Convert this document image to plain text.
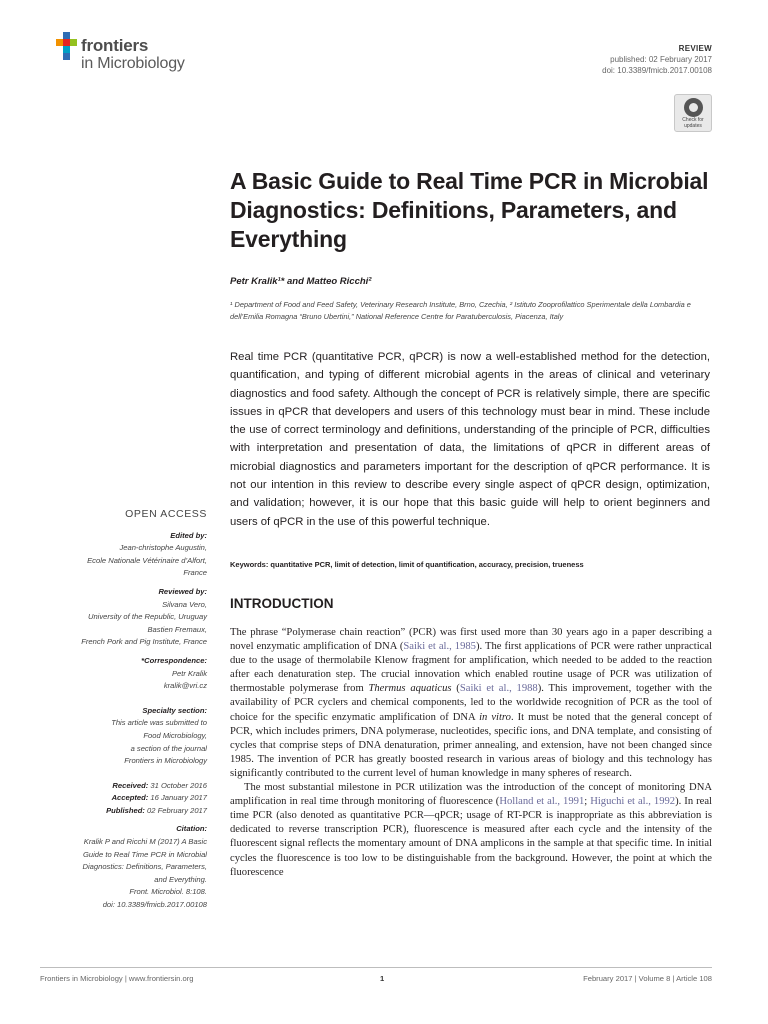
frontiers
in Microbiology
REVIEW
published: 02 February 2017
doi: 10.3389/fmicb.2017.00108
Check for updates
A Basic Guide to Real Time PCR in Microbial Diagnostics: Definitions, Parameters, and Everything
Petr Kralik¹* and Matteo Ricchi²
¹ Department of Food and Feed Safety, Veterinary Research Institute, Brno, Czechia, ² Istituto Zooprofilattico Sperimentale della Lombardia e dell’Emilia Romagna “Bruno Ubertini,” National Reference Centre for Paratuberculosis, Piacenza, Italy
Real time PCR (quantitative PCR, qPCR) is now a well-established method for the detection, quantification, and typing of different microbial agents in the areas of clinical and veterinary diagnostics and food safety. Although the concept of PCR is relatively simple, there are specific issues in qPCR that developers and users of this technology must bear in mind. These include the use of correct terminology and definitions, understanding of the principle of PCR, difficulties with interpretation and presentation of data, the limitations of qPCR in different areas of microbial diagnostics and parameters important for the description of qPCR performance. It is not our intention in this review to describe every single aspect of qPCR design, optimization, and validation; however, it is our hope that this basic guide will help to orient beginners and users of qPCR in the use of this powerful technique.
Keywords: quantitative PCR, limit of detection, limit of quantification, accuracy, precision, trueness
INTRODUCTION

The phrase “Polymerase chain reaction” (PCR) was first used more than 30 years ago in a paper describing a novel enzymatic amplification of DNA (Saiki et al., 1985). The first applications of PCR were rather unpractical due to the usage of thermolabile Klenow fragment for amplification, which needed to be added to the reaction after each denaturation step. The crucial innovation which enabled routine usage of PCR was utilization of thermostable polymerase from Thermus aquaticus (Saiki et al., 1988). This improvement, together with the availability of PCR cyclers and chemical components, led to the worldwide recognition of PCR as the tool of choice for the specific enzymatic amplification of DNA in vitro. It must be noted that the general concept of PCR, which includes primers, DNA polymerase, nucleotides, specific ions, and DNA template, and consisting of cycles that comprise steps of DNA denaturation, primer annealing, and extension, have not been changed since 1985. The invention of PCR has greatly boosted research in various areas of biology and this technology has significantly contributed to the current level of human knowledge in many spheres of research.

The most substantial milestone in PCR utilization was the introduction of the concept of monitoring DNA amplification in real time through monitoring of fluorescence (Holland et al., 1991; Higuchi et al., 1992). In real time PCR (also denoted as quantitative PCR—qPCR; usage of RT-PCR is inappropriate as this abbreviation is dedicated to reverse transcription PCR), fluorescence is measured after each cycle and the intensity of the fluorescent signal reflects the momentary amount of DNA amplicons in the sample at that specific time. In initial cycles the fluorescence is too low to be distinguishable from the background. However, the point at which the fluorescence

OPEN ACCESS
Edited by:
Jean-christophe Augustin,
Ecole Nationale Vétérinaire d’Alfort,
France
Reviewed by:
Silvana Vero,
University of the Republic, Uruguay
Bastien Fremaux,
French Pork and Pig Institute, France
*Correspondence:
Petr Kralik
kralik@vri.cz
Specialty section:
This article was submitted to
Food Microbiology,
a section of the journal
Frontiers in Microbiology
Received: 31 October 2016
Accepted: 16 January 2017
Published: 02 February 2017
Citation:
Kralik P and Ricchi M (2017) A Basic
Guide to Real Time PCR in Microbial
Diagnostics: Definitions, Parameters,
and Everything.
Front. Microbiol. 8:108.
doi: 10.3389/fmicb.2017.00108
Frontiers in Microbiology | www.frontiersin.org	1	February 2017 | Volume 8 | Article 108
